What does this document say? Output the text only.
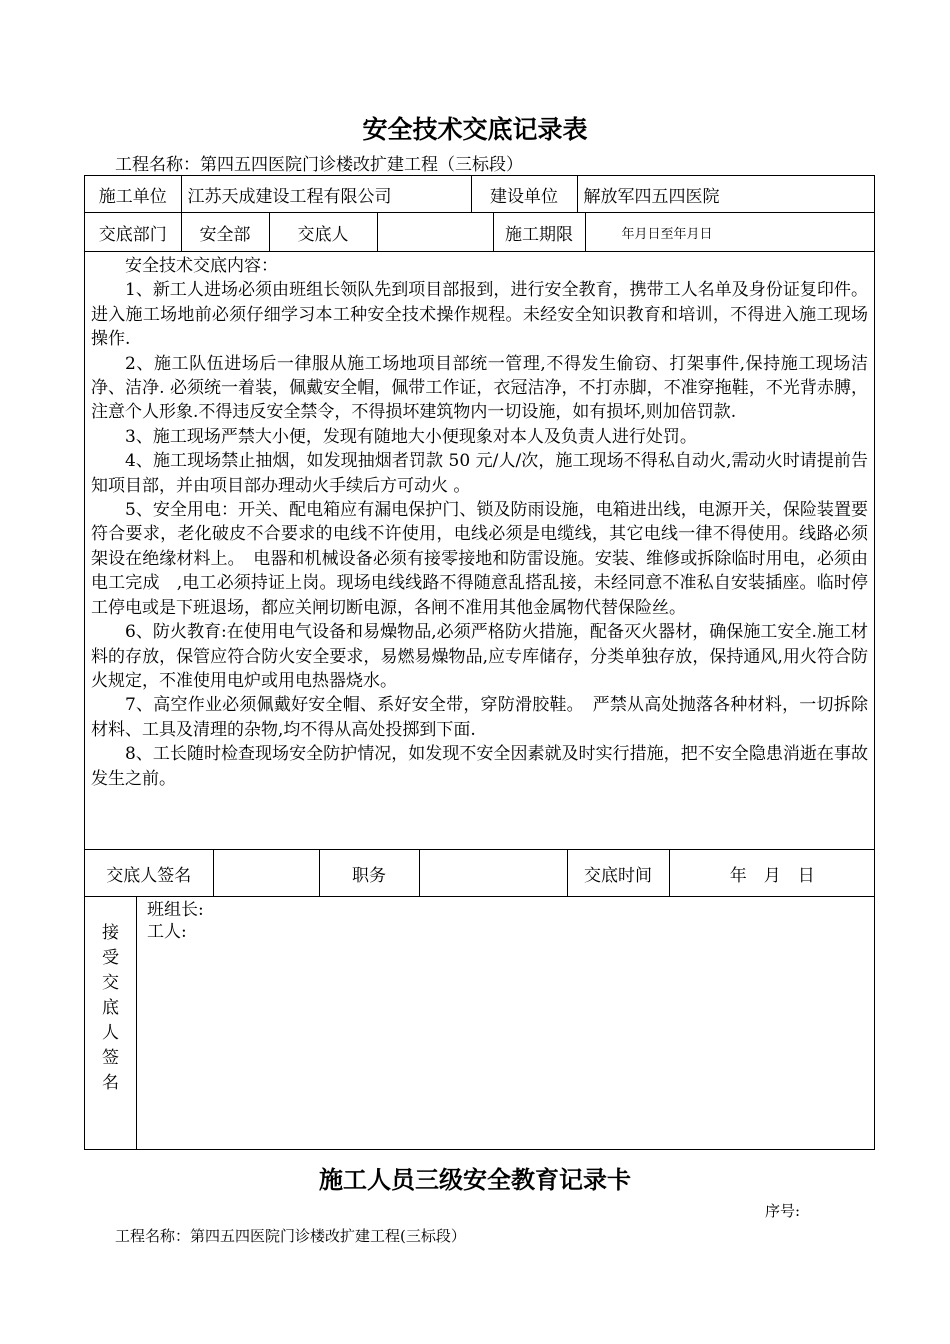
安全技术交底记录表
工程名称：第四五四医院门诊楼改扩建工程（三标段）
施工单位	江苏天成建设工程有限公司	建设单位	解放军四五四医院

交底部门	安全部	交底人		施工期限	年月日至年月日

安全技术交底内容：

1、新工人进场必须由班组长领队先到项目部报到，进行安全教育，携带工人名单及身份证复印件。进入施工场地前必须仔细学习本工种安全技术操作规程。未经安全知识教育和培训，不得进入施工现场操作.

2、施工队伍进场后一律服从施工场地项目部统一管理,不得发生偷窃、打架事件,保持施工现场洁净、洁净. 必须统一着装，佩戴安全帽，佩带工作证，衣冠洁净，不打赤脚，不准穿拖鞋，不光背赤膊，注意个人形象.不得违反安全禁令，不得损坏建筑物内一切设施，如有损坏,则加倍罚款.

3、施工现场严禁大小便，发现有随地大小便现象对本人及负责人进行处罚。

4、施工现场禁止抽烟，如发现抽烟者罚款 50 元/人/次，施工现场不得私自动火,需动火时请提前告知项目部，并由项目部办理动火手续后方可动火 。

5、安全用电：开关、配电箱应有漏电保护门、锁及防雨设施，电箱进出线，电源开关，保险装置要符合要求，老化破皮不合要求的电线不许使用，电线必须是电缆线，其它电线一律不得使用。线路必须架设在绝缘材料上。　电器和机械设备必须有接零接地和防雷设施。安装、维修或拆除临时用电，必须由电工完成　,电工必须持证上岗。现场电线线路不得随意乱搭乱接，未经同意不准私自安装插座。临时停工停电或是下班退场，都应关闸切断电源，各闸不准用其他金属物代替保险丝。

6、防火教育:在使用电气设备和易燥物品,必须严格防火措施，配备灭火器材，确保施工安全.施工材料的存放，保管应符合防火安全要求，易燃易燥物品,应专库储存，分类单独存放，保持通风,用火符合防火规定，不准使用电炉或用电热器烧水。

7、高空作业必须佩戴好安全帽、系好安全带，穿防滑胶鞋。　严禁从高处抛落各种材料，一切拆除材料、工具及清理的杂物,均不得从高处投掷到下面.

8、工长随时检查现场安全防护情况，如发现不安全因素就及时实行措施，把不安全隐患消逝在事故发生之前。

交底人签名		职务		交底时间	年　月　日

接
受
交
底
人
签
名

班组长:
工人:
施工人员三级安全教育记录卡
序号:
工程名称：第四五四医院门诊楼改扩建工程(三标段）
